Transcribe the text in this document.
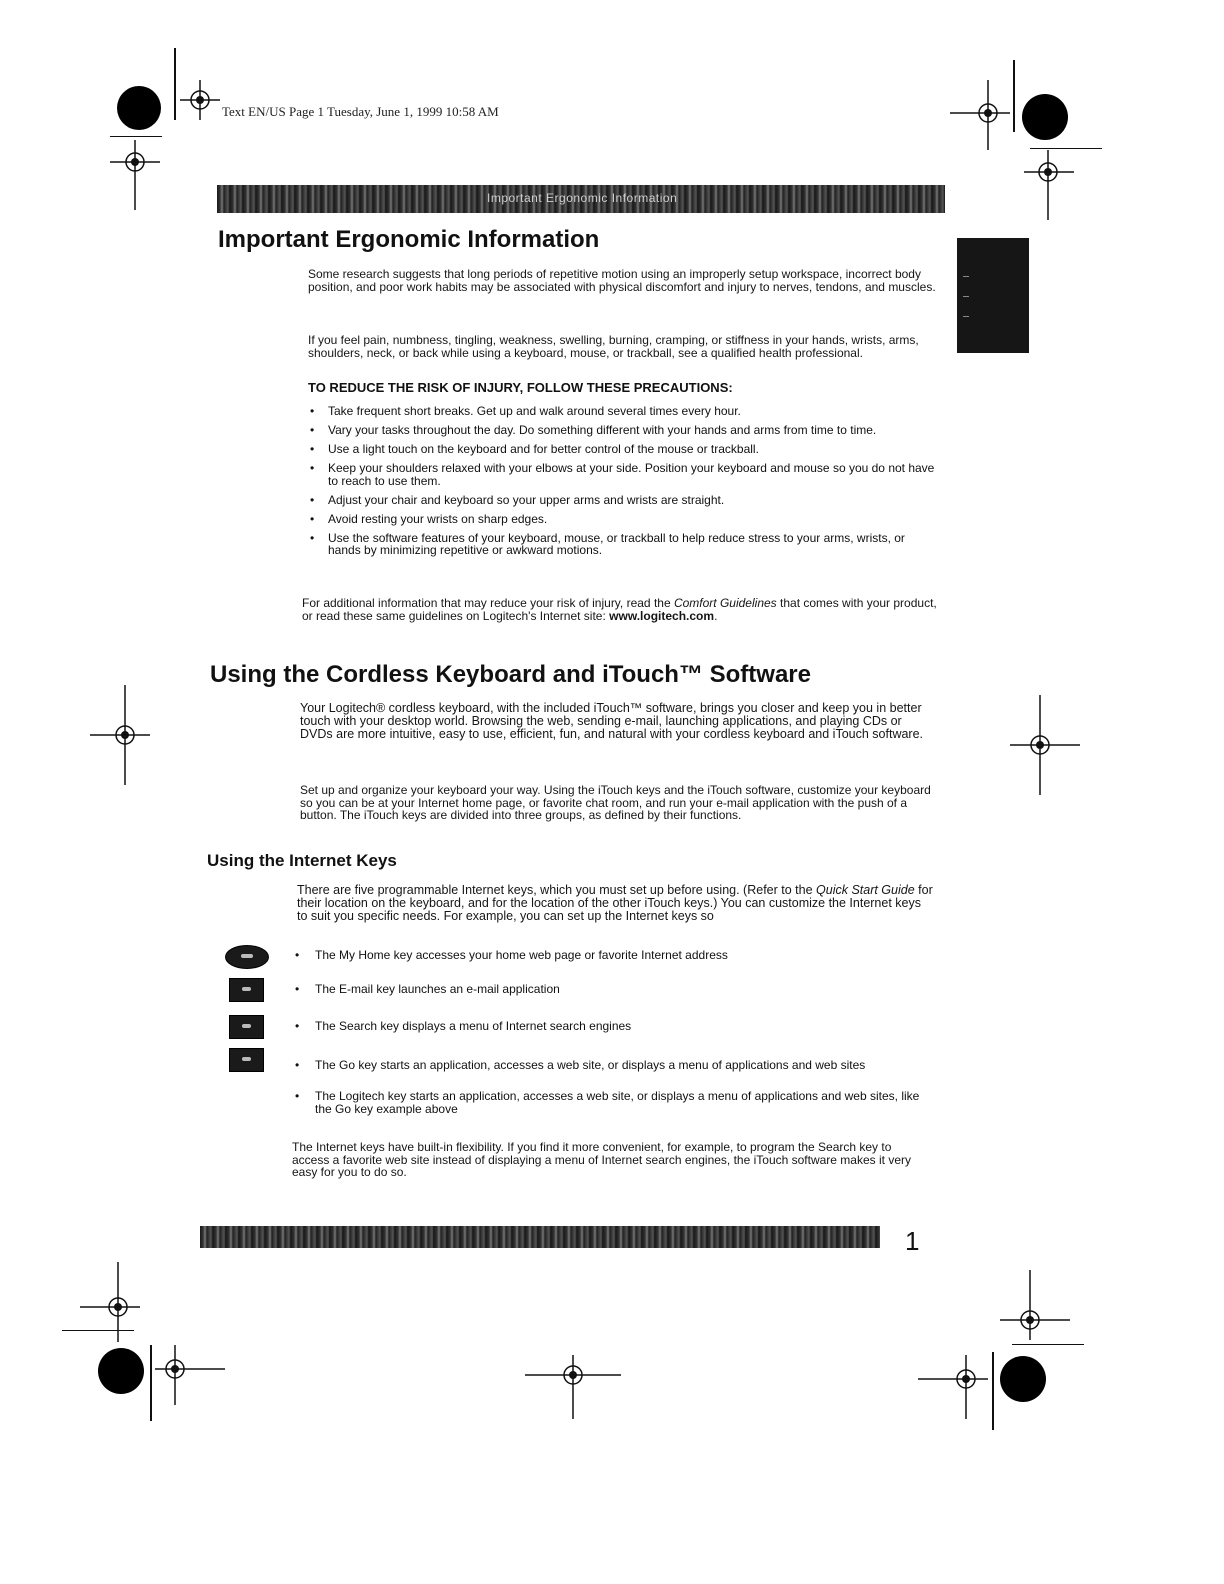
Text EN/US Page 1 Tuesday, June 1, 1999 10:58 AM
Important Ergonomic Information
Important Ergonomic Information

Some research suggests that long periods of repetitive motion using an improperly setup workspace, incorrect body position, and poor work habits may be associated with physical discomfort and injury to nerves, tendons, and muscles.

If you feel pain, numbness, tingling, weakness, swelling, burning, cramping, or stiffness in your hands, wrists, arms, shoulders, neck, or back while using a keyboard, mouse, or trackball, see a qualified health professional.

TO REDUCE THE RISK OF INJURY, FOLLOW THESE PRECAUTIONS:
• Take frequent short breaks. Get up and walk around several times every hour.
• Vary your tasks throughout the day. Do something different with your hands and arms from time to time.
• Use a light touch on the keyboard and for better control of the mouse or trackball.
• Keep your shoulders relaxed with your elbows at your side. Position your keyboard and mouse so you do not have to reach to use them.
• Adjust your chair and keyboard so your upper arms and wrists are straight.
• Avoid resting your wrists on sharp edges.
• Use the software features of your keyboard, mouse, or trackball to help reduce stress to your arms, wrists, or hands by minimizing repetitive or awkward motions.

For additional information that may reduce your risk of injury, read the Comfort Guidelines that comes with your product, or read these same guidelines on Logitech's Internet site: www.logitech.com.

Using the Cordless Keyboard and iTouch™ Software

Your Logitech® cordless keyboard, with the included iTouch™ software, brings you closer and keep you in better touch with your desktop world. Browsing the web, sending e-mail, launching applications, and playing CDs or DVDs are more intuitive, easy to use, efficient, fun, and natural with your cordless keyboard and iTouch software.

Set up and organize your keyboard your way. Using the iTouch keys and the iTouch software, customize your keyboard so you can be at your Internet home page, or favorite chat room, and run your e-mail application with the push of a button. The iTouch keys are divided into three groups, as defined by their functions.

Using the Internet Keys

There are five programmable Internet keys, which you must set up before using. (Refer to the Quick Start Guide for their location on the keyboard, and for the location of the other iTouch keys.) You can customize the Internet keys to suit you specific needs. For example, you can set up the Internet keys so

• The My Home key accesses your home web page or favorite Internet address
• The E-mail key launches an e-mail application
• The Search key displays a menu of Internet search engines
• The Go key starts an application, accesses a web site, or displays a menu of applications and web sites
• The Logitech key starts an application, accesses a web site, or displays a menu of applications and web sites, like the Go key example above

The Internet keys have built-in flexibility. If you find it more convenient, for example, to program the Search key to access a favorite web site instead of displaying a menu of Internet search engines, the iTouch software makes it very easy for you to do so.

1
